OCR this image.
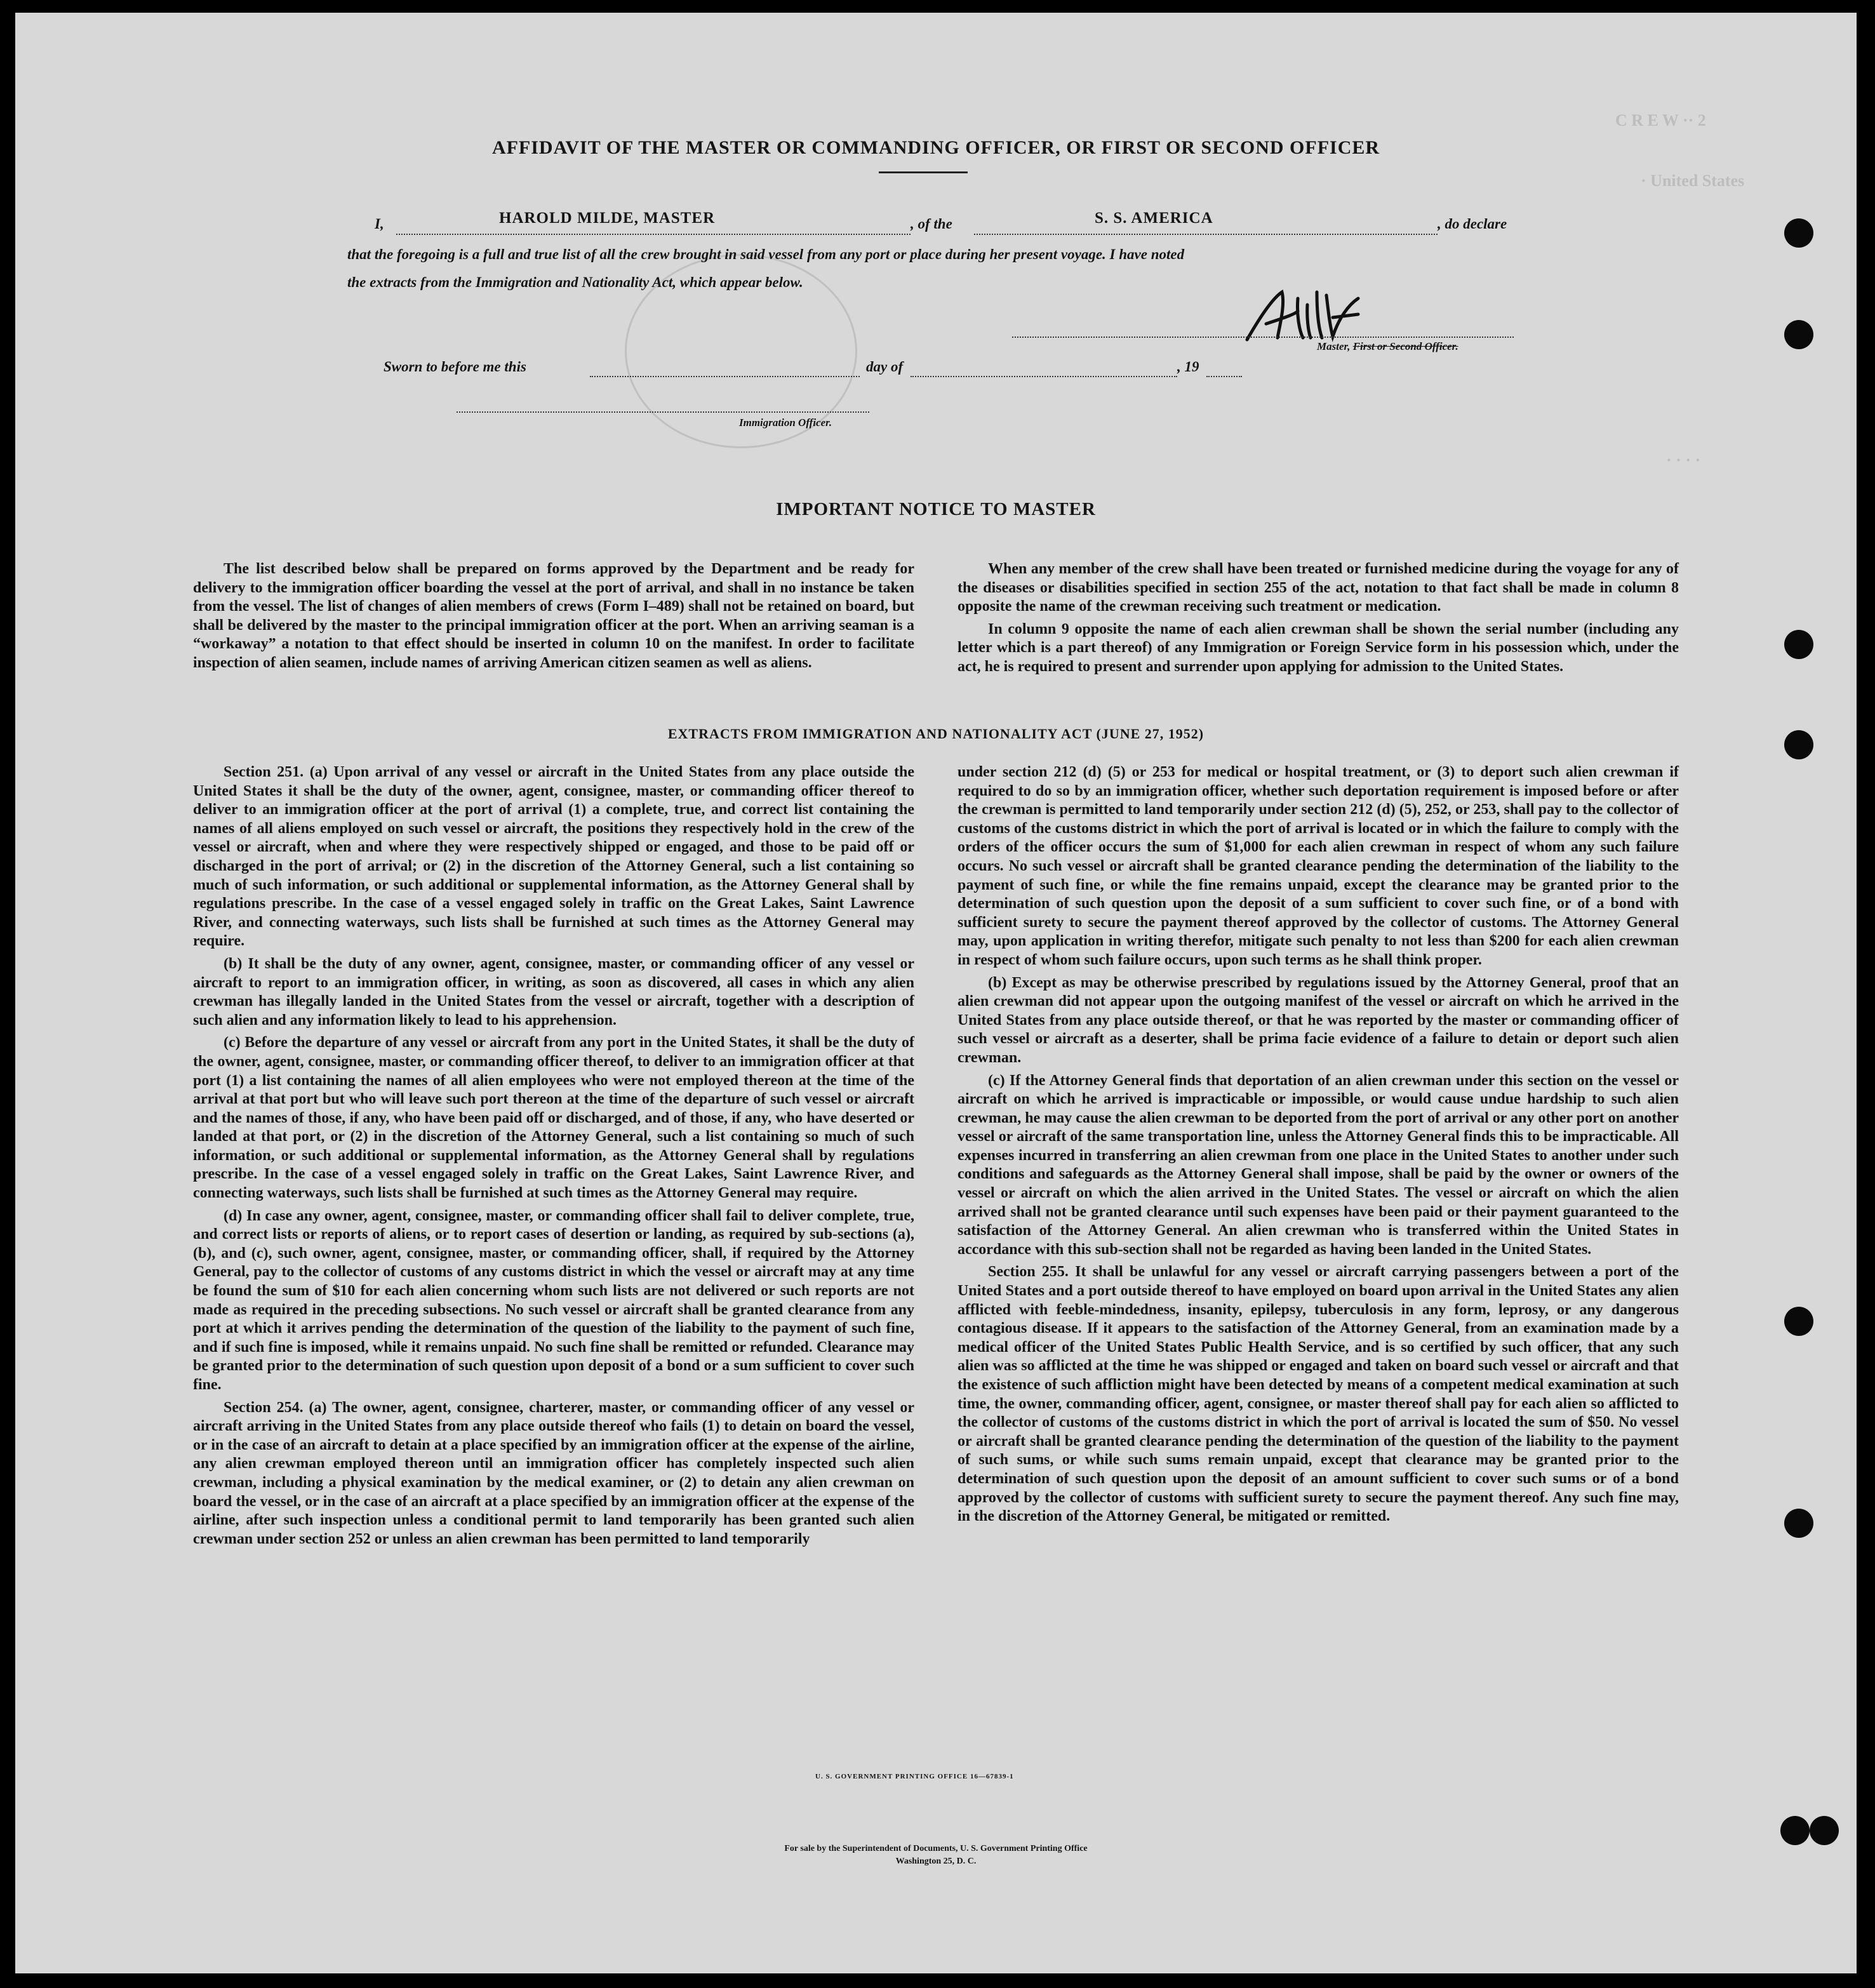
C R E W ·· 2
· United States
· · · ·
AFFIDAVIT OF THE MASTER OR COMMANDING OFFICER, OR FIRST OR SECOND OFFICER
I,	HAROLD MILDE, MASTER	, of the	S. S. AMERICA	, do declare
that the foregoing is a full and true list of all the crew brought in said vessel from any port or place during her present voyage. I have noted
the extracts from the Immigration and Nationality Act, which appear below.
Master, First or Second Officer.
Sworn to before me this	day of	, 19
Immigration Officer.
IMPORTANT NOTICE TO MASTER

The list described below shall be prepared on forms approved by the Department and be ready for delivery to the immigration officer boarding the vessel at the port of arrival, and shall in no instance be taken from the vessel. The list of changes of alien members of crews (Form I–489) shall not be retained on board, but shall be delivered by the master to the principal immigration officer at the port. When an arriving seaman is a “workaway” a notation to that effect should be inserted in column 10 on the manifest. In order to facilitate inspection of alien seamen, include names of arriving American citizen seamen as well as aliens.

When any member of the crew shall have been treated or furnished medicine during the voyage for any of the diseases or disabilities specified in section 255 of the act, notation to that fact shall be made in column 8 opposite the name of the crewman receiving such treatment or medication.

In column 9 opposite the name of each alien crewman shall be shown the serial number (including any letter which is a part thereof) of any Immigration or Foreign Service form in his possession which, under the act, he is required to present and surrender upon applying for admission to the United States.

EXTRACTS FROM IMMIGRATION AND NATIONALITY ACT (JUNE 27, 1952)

Section 251. (a) Upon arrival of any vessel or aircraft in the United States from any place outside the United States it shall be the duty of the owner, agent, consignee, master, or commanding officer thereof to deliver to an immigration officer at the port of arrival (1) a complete, true, and correct list containing the names of all aliens employed on such vessel or aircraft, the positions they respectively hold in the crew of the vessel or aircraft, when and where they were respectively shipped or engaged, and those to be paid off or discharged in the port of arrival; or (2) in the discretion of the Attorney General, such a list containing so much of such information, or such additional or supplemental information, as the Attorney General shall by regulations prescribe. In the case of a vessel engaged solely in traffic on the Great Lakes, Saint Lawrence River, and connecting waterways, such lists shall be furnished at such times as the Attorney General may require.

(b) It shall be the duty of any owner, agent, consignee, master, or commanding officer of any vessel or aircraft to report to an immigration officer, in writing, as soon as discovered, all cases in which any alien crewman has illegally landed in the United States from the vessel or aircraft, together with a description of such alien and any information likely to lead to his apprehension.

(c) Before the departure of any vessel or aircraft from any port in the United States, it shall be the duty of the owner, agent, consignee, master, or commanding officer thereof, to deliver to an immigration officer at that port (1) a list containing the names of all alien employees who were not employed thereon at the time of the arrival at that port but who will leave such port thereon at the time of the departure of such vessel or aircraft and the names of those, if any, who have been paid off or discharged, and of those, if any, who have deserted or landed at that port, or (2) in the discretion of the Attorney General, such a list containing so much of such information, or such additional or supplemental information, as the Attorney General shall by regulations prescribe. In the case of a vessel engaged solely in traffic on the Great Lakes, Saint Lawrence River, and connecting waterways, such lists shall be furnished at such times as the Attorney General may require.

(d) In case any owner, agent, consignee, master, or commanding officer shall fail to deliver complete, true, and correct lists or reports of aliens, or to report cases of desertion or landing, as required by sub-sections (a), (b), and (c), such owner, agent, consignee, master, or commanding officer, shall, if required by the Attorney General, pay to the collector of customs of any customs district in which the vessel or aircraft may at any time be found the sum of $10 for each alien concerning whom such lists are not delivered or such reports are not made as required in the preceding subsections. No such vessel or aircraft shall be granted clearance from any port at which it arrives pending the determination of the question of the liability to the payment of such fine, and if such fine is imposed, while it remains unpaid. No such fine shall be remitted or refunded. Clearance may be granted prior to the determination of such question upon deposit of a bond or a sum sufficient to cover such fine.

Section 254. (a) The owner, agent, consignee, charterer, master, or commanding officer of any vessel or aircraft arriving in the United States from any place outside thereof who fails (1) to detain on board the vessel, or in the case of an aircraft to detain at a place specified by an immigration officer at the expense of the airline, any alien crewman employed thereon until an immigration officer has completely inspected such alien crewman, including a physical examination by the medical examiner, or (2) to detain any alien crewman on board the vessel, or in the case of an aircraft at a place specified by an immigration officer at the expense of the airline, after such inspection unless a conditional permit to land temporarily has been granted such alien crewman under section 252 or unless an alien crewman has been permitted to land temporarily

under section 212 (d) (5) or 253 for medical or hospital treatment, or (3) to deport such alien crewman if required to do so by an immigration officer, whether such deportation requirement is imposed before or after the crewman is permitted to land temporarily under section 212 (d) (5), 252, or 253, shall pay to the collector of customs of the customs district in which the port of arrival is located or in which the failure to comply with the orders of the officer occurs the sum of $1,000 for each alien crewman in respect of whom any such failure occurs. No such vessel or aircraft shall be granted clearance pending the determination of the liability to the payment of such fine, or while the fine remains unpaid, except the clearance may be granted prior to the determination of such question upon the deposit of a sum sufficient to cover such fine, or of a bond with sufficient surety to secure the payment thereof approved by the collector of customs. The Attorney General may, upon application in writing therefor, mitigate such penalty to not less than $200 for each alien crewman in respect of whom such failure occurs, upon such terms as he shall think proper.

(b) Except as may be otherwise prescribed by regulations issued by the Attorney General, proof that an alien crewman did not appear upon the outgoing manifest of the vessel or aircraft on which he arrived in the United States from any place outside thereof, or that he was reported by the master or commanding officer of such vessel or aircraft as a deserter, shall be prima facie evidence of a failure to detain or deport such alien crewman.

(c) If the Attorney General finds that deportation of an alien crewman under this section on the vessel or aircraft on which he arrived is impracticable or impossible, or would cause undue hardship to such alien crewman, he may cause the alien crewman to be deported from the port of arrival or any other port on another vessel or aircraft of the same transportation line, unless the Attorney General finds this to be impracticable. All expenses incurred in transferring an alien crewman from one place in the United States to another under such conditions and safeguards as the Attorney General shall impose, shall be paid by the owner or owners of the vessel or aircraft on which the alien arrived in the United States. The vessel or aircraft on which the alien arrived shall not be granted clearance until such expenses have been paid or their payment guaranteed to the satisfaction of the Attorney General. An alien crewman who is transferred within the United States in accordance with this sub-section shall not be regarded as having been landed in the United States.

Section 255. It shall be unlawful for any vessel or aircraft carrying passengers between a port of the United States and a port outside thereof to have employed on board upon arrival in the United States any alien afflicted with feeble-mindedness, insanity, epilepsy, tuberculosis in any form, leprosy, or any dangerous contagious disease. If it appears to the satisfaction of the Attorney General, from an examination made by a medical officer of the United States Public Health Service, and is so certified by such officer, that any such alien was so afflicted at the time he was shipped or engaged and taken on board such vessel or aircraft and that the existence of such affliction might have been detected by means of a competent medical examination at such time, the owner, commanding officer, agent, consignee, or master thereof shall pay for each alien so afflicted to the collector of customs of the customs district in which the port of arrival is located the sum of $50. No vessel or aircraft shall be granted clearance pending the determination of the question of the liability to the payment of such sums, or while such sums remain unpaid, except that clearance may be granted prior to the determination of such question upon the deposit of an amount sufficient to cover such sums or of a bond approved by the collector of customs with sufficient surety to secure the payment thereof. Any such fine may, in the discretion of the Attorney General, be mitigated or remitted.

U. S. GOVERNMENT PRINTING OFFICE 16—67839-1
For sale by the Superintendent of Documents, U. S. Government Printing Office
Washington 25, D. C.
